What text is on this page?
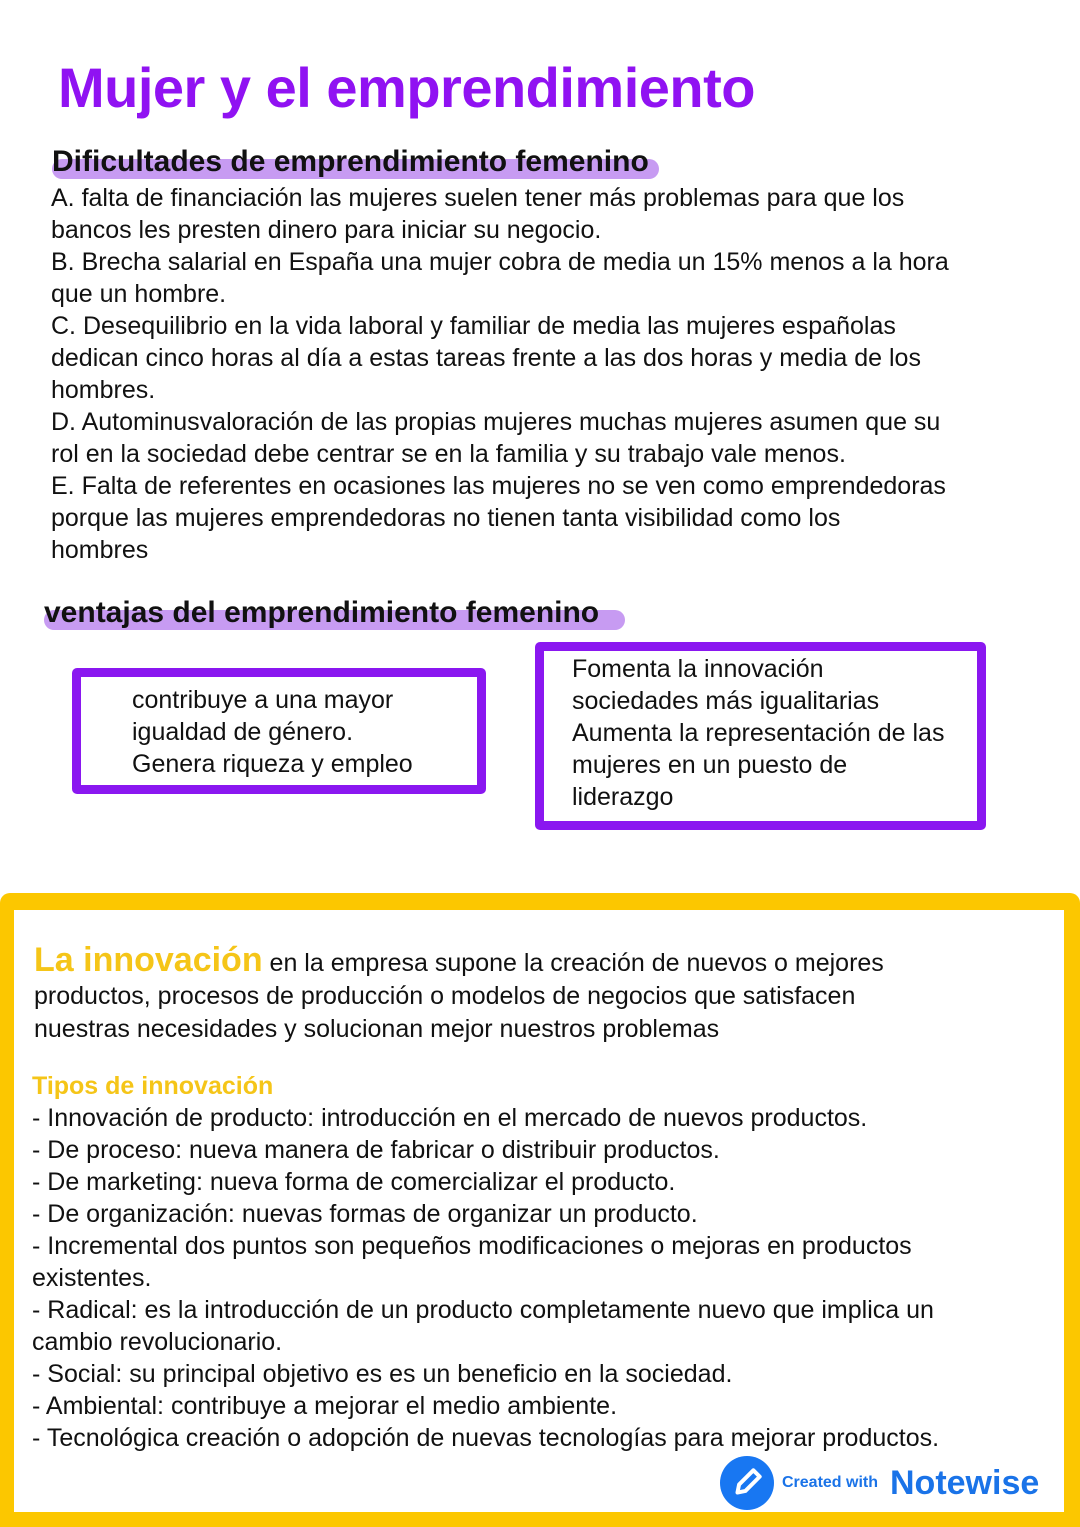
Mujer y el emprendimiento
Dificultades de emprendimiento femenino
A. falta de financiación las mujeres suelen tener más problemas para que los
bancos les presten dinero para iniciar su negocio.
B. Brecha salarial en España una mujer cobra de media un 15% menos a la hora
que un hombre.
C. Desequilibrio en la vida laboral y familiar de media las mujeres españolas
dedican cinco horas al día a estas tareas frente a las dos horas y media de los
hombres.
D. Autominusvaloración de las propias mujeres muchas mujeres asumen que su
rol en la sociedad debe centrar se en la familia y su trabajo vale menos.
E. Falta de referentes en ocasiones las mujeres no se ven como emprendedoras
porque las mujeres emprendedoras no tienen tanta visibilidad como los
hombres
ventajas del emprendimiento femenino
contribuye a una mayor
igualdad de género.
Genera riqueza y empleo
Fomenta la innovación
sociedades más igualitarias
Aumenta la representación de las
mujeres en un puesto de
liderazgo
La innovación en la empresa supone la creación de nuevos o mejores
productos, procesos de producción o modelos de negocios que satisfacen
nuestras necesidades y solucionan mejor nuestros problemas
Tipos de innovación
- Innovación de producto: introducción en el mercado de nuevos productos.
- De proceso: nueva manera de fabricar o distribuir productos.
- De marketing: nueva forma de comercializar el producto.
- De organización: nuevas formas de organizar un producto.
- Incremental dos puntos son pequeños modificaciones o mejoras en productos
existentes.
- Radical: es la introducción de un producto completamente nuevo que implica un
cambio revolucionario.
- Social: su principal objetivo es es un beneficio en la sociedad.
- Ambiental: contribuye a mejorar el medio ambiente.
- Tecnológica creación o adopción de nuevas tecnologías para mejorar productos.
Created with Notewise
